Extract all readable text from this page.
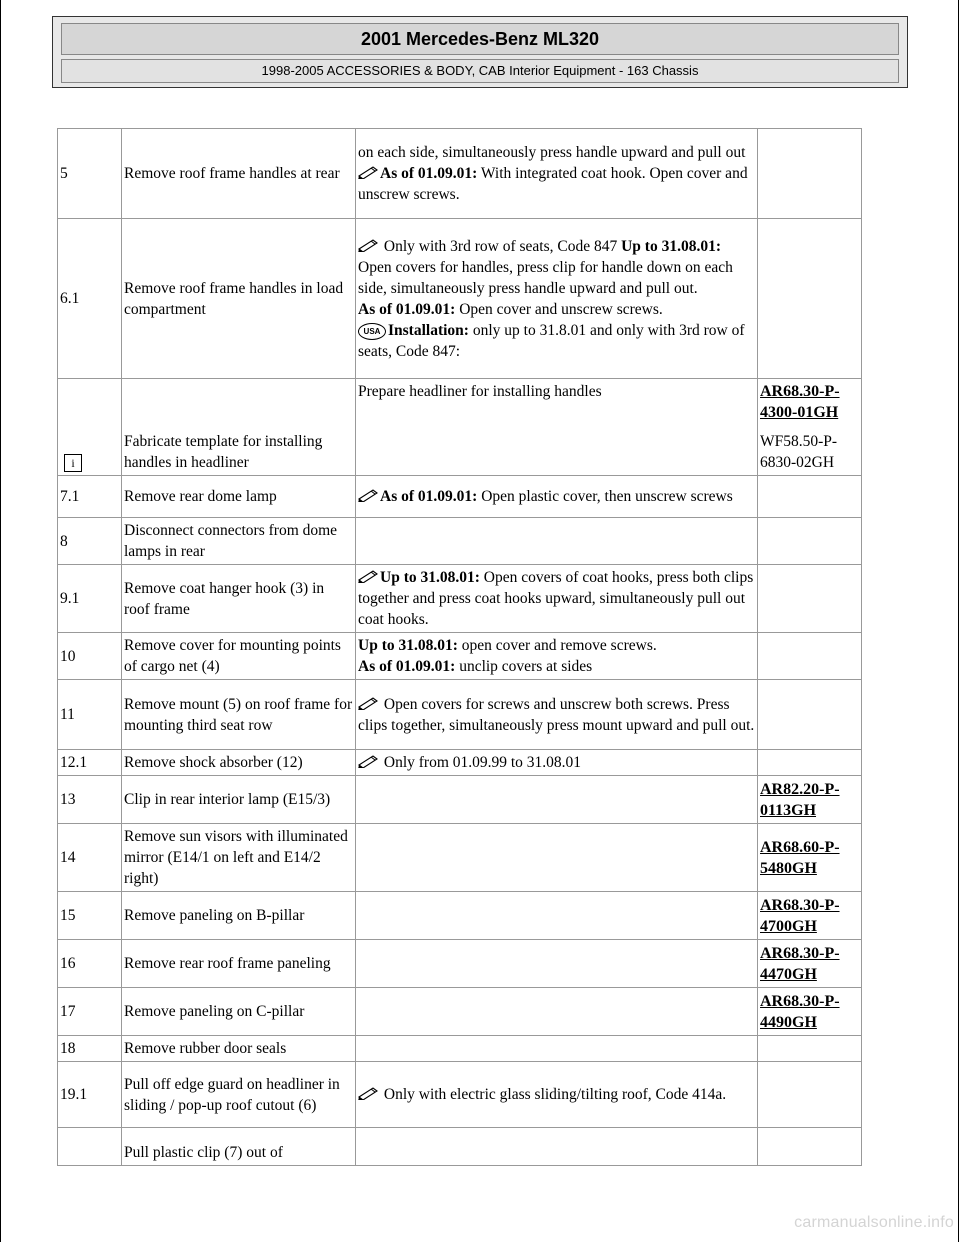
2001 Mercedes-Benz ML320
1998-2005 ACCESSORIES & BODY, CAB Interior Equipment - 163 Chassis
5	Remove roof frame handles at rear	on each side, simultaneously press handle upward and pull out

As of 01.09.01: With integrated coat hook. Open cover and unscrew screws.	

6.1	Remove roof frame handles in load compartment	Only with 3rd row of seats, Code 847 Up to 31.08.01: Open covers for handles, press clip for handle down on each side, simultaneously press handle upward and pull out.

As of 01.09.01: Open cover and unscrew screws.

USA Installation: only up to 31.8.01 and only with 3rd row of seats, Code 847:	

i	Fabricate template for installing handles in headliner	Prepare headliner for installing handles	AR68.30-P-4300-01GH
WF58.50-P-6830-02GH

7.1	Remove rear dome lamp	As of 01.09.01: Open plastic cover, then unscrew screws	
8	Disconnect connectors from dome lamps in rear		
9.1	Remove coat hanger hook (3) in roof frame	Up to 31.08.01: Open covers of coat hooks, press both clips together and press coat hooks upward, simultaneously pull out coat hooks.	
10	Remove cover for mounting points of cargo net (4)	Up to 31.08.01: open cover and remove screws.

As of 01.09.01: unclip covers at sides	

11	Remove mount (5) on roof frame for mounting third seat row	Open covers for screws and unscrew both screws. Press clips together, simultaneously press mount upward and pull out.	
12.1	Remove shock absorber (12)	Only from 01.09.99 to 31.08.01	
13	Clip in rear interior lamp (E15/3)		AR82.20-P-0113GH
14	Remove sun visors with illuminated mirror (E14/1 on left and E14/2 right)		AR68.60-P-5480GH
15	Remove paneling on B-pillar		AR68.30-P-4700GH
16	Remove rear roof frame paneling		AR68.30-P-4470GH
17	Remove paneling on C-pillar		AR68.30-P-4490GH
18	Remove rubber door seals		
19.1	Pull off edge guard on headliner in sliding / pop-up roof cutout (6)	Only with electric glass sliding/tilting roof, Code 414a.	
	Pull plastic clip (7) out of		
carmanualsonline.info
